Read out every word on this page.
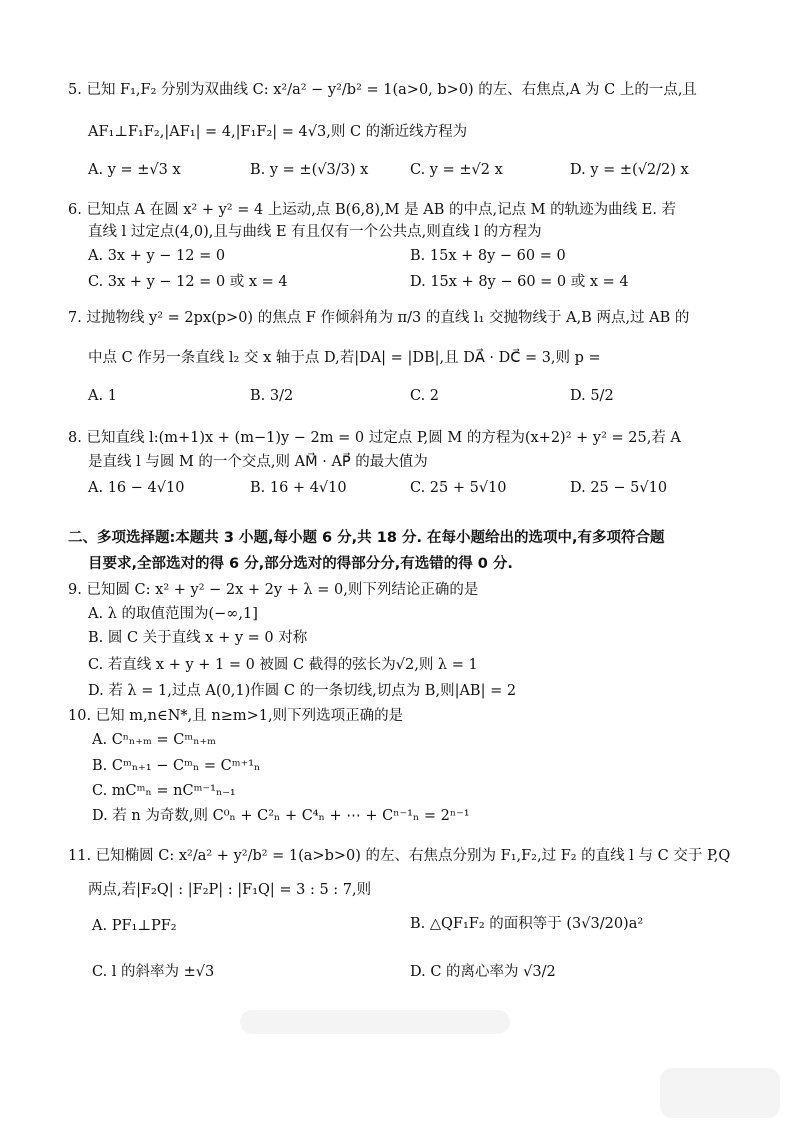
5. 已知 F₁,F₂ 分别为双曲线 C: x²/a² − y²/b² = 1(a>0, b>0) 的左、右焦点,A 为 C 上的一点,且
AF₁⊥F₁F₂,|AF₁| = 4,|F₁F₂| = 4√3,则 C 的渐近线方程为
A. y = ±√3 x	B. y = ±(√3/3) x	C. y = ±√2 x	D. y = ±(√2/2) x
6. 已知点 A 在圆 x² + y² = 4 上运动,点 B(6,8),M 是 AB 的中点,记点 M 的轨迹为曲线 E. 若
直线 l 过定点(4,0),且与曲线 E 有且仅有一个公共点,则直线 l 的方程为
A. 3x + y − 12 = 0	B. 15x + 8y − 60 = 0
C. 3x + y − 12 = 0 或 x = 4	D. 15x + 8y − 60 = 0 或 x = 4
7. 过抛物线 y² = 2px(p>0) 的焦点 F 作倾斜角为 π/3 的直线 l₁ 交抛物线于 A,B 两点,过 AB 的
中点 C 作另一条直线 l₂ 交 x 轴于点 D,若|DA| = |DB|,且 DA⃗ · DC⃗ = 3,则 p =
A. 1	B. 3/2	C. 2	D. 5/2
8. 已知直线 l:(m+1)x + (m−1)y − 2m = 0 过定点 P,圆 M 的方程为(x+2)² + y² = 25,若 A
是直线 l 与圆 M 的一个交点,则 AM⃗ · AP⃗ 的最大值为
A. 16 − 4√10	B. 16 + 4√10	C. 25 + 5√10	D. 25 − 5√10
二、多项选择题:本题共 3 小题,每小题 6 分,共 18 分. 在每小题给出的选项中,有多项符合题
目要求,全部选对的得 6 分,部分选对的得部分分,有选错的得 0 分.
9. 已知圆 C: x² + y² − 2x + 2y + λ = 0,则下列结论正确的是
A. λ 的取值范围为(−∞,1]
B. 圆 C 关于直线 x + y = 0 对称
C. 若直线 x + y + 1 = 0 被圆 C 截得的弦长为√2,则 λ = 1
D. 若 λ = 1,过点 A(0,1)作圆 C 的一条切线,切点为 B,则|AB| = 2
10. 已知 m,n∈N*,且 n≥m>1,则下列选项正确的是
A. Cⁿₙ₊ₘ = Cᵐₙ₊ₘ
B. Cᵐₙ₊₁ − Cᵐₙ = Cᵐ⁺¹ₙ
C. mCᵐₙ = nCᵐ⁻¹ₙ₋₁
D. 若 n 为奇数,则 C⁰ₙ + C²ₙ + C⁴ₙ + ⋯ + Cⁿ⁻¹ₙ = 2ⁿ⁻¹
11. 已知椭圆 C: x²/a² + y²/b² = 1(a>b>0) 的左、右焦点分别为 F₁,F₂,过 F₂ 的直线 l 与 C 交于 P,Q
两点,若|F₂Q| : |F₂P| : |F₁Q| = 3 : 5 : 7,则
A. PF₁⊥PF₂	B. △QF₁F₂ 的面积等于 (3√3/20)a²
C. l 的斜率为 ±√3	D. C 的离心率为 √3/2
